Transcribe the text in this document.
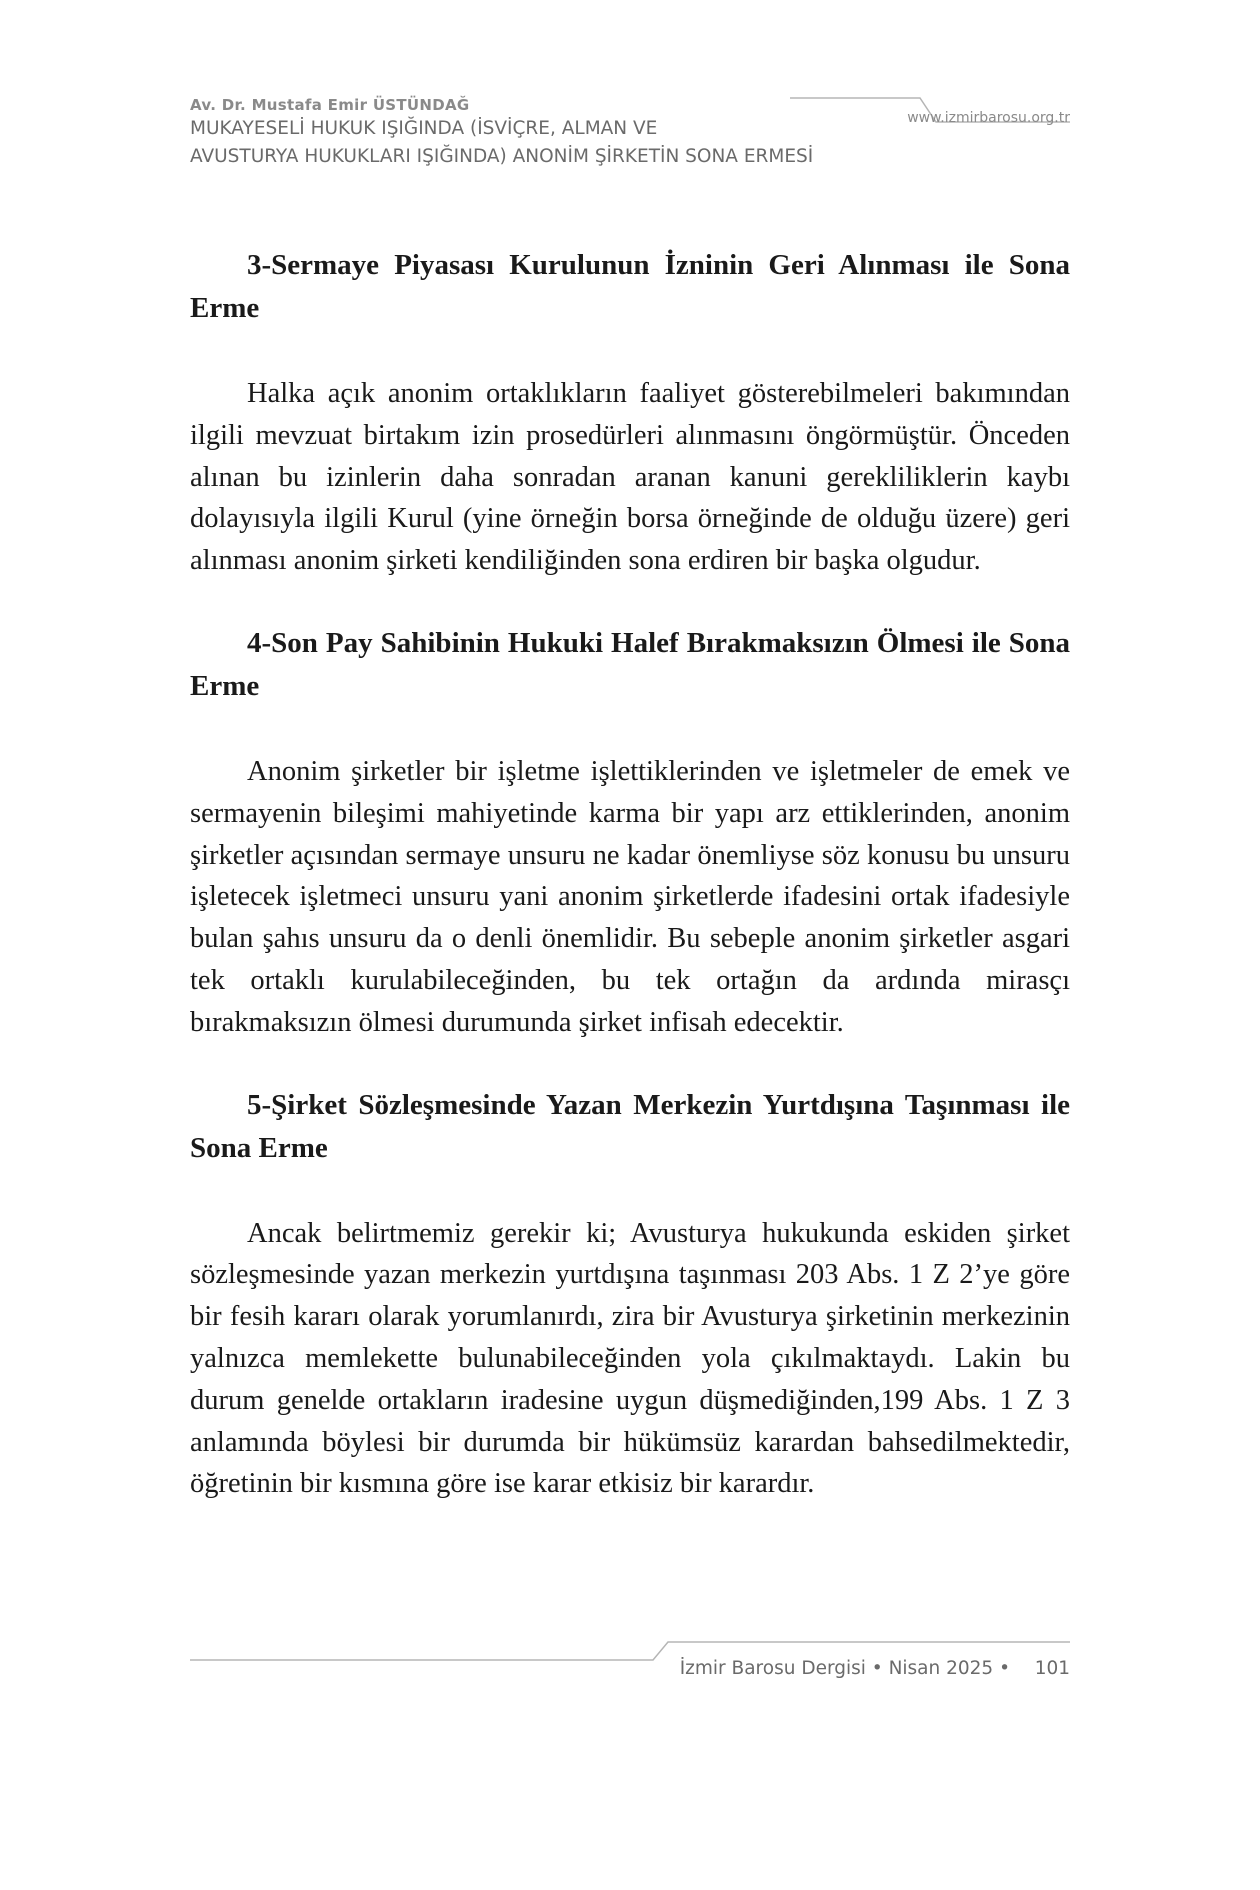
Av. Dr. Mustafa Emir ÜSTÜNDAĞ
MUKAYESELİ HUKUK IŞIĞINDA (İSVİÇRE, ALMAN VE
AVUSTURYA HUKUKLARI IŞIĞINDA) ANONİM ŞİRKETİN SONA ERMESİ
www.izmirbarosu.org.tr
3-Sermaye Piyasası Kurulunun İzninin Geri Alınması ile Sona Erme

Halka açık anonim ortaklıkların faaliyet gösterebilmeleri bakımından ilgili mevzuat birtakım izin prosedürleri alınmasını öngörmüştür. Önceden alınan bu izinlerin daha sonradan aranan kanuni gerekliliklerin kaybı dolayısıyla ilgili Kurul (yine örneğin borsa örneğinde de olduğu üzere) geri alınması anonim şirketi kendiliğinden sona erdiren bir başka olgudur.

4-Son Pay Sahibinin Hukuki Halef Bırakmaksızın Ölmesi ile Sona Erme

Anonim şirketler bir işletme işlettiklerinden ve işletmeler de emek ve sermayenin bileşimi mahiyetinde karma bir yapı arz ettiklerinden, anonim şirketler açısından sermaye unsuru ne kadar önemliyse söz konusu bu unsuru işletecek işletmeci unsuru yani anonim şirketlerde ifadesini ortak ifadesiyle bulan şahıs unsuru da o denli önemlidir. Bu sebeple anonim şirketler asgari tek ortaklı kurulabileceğinden, bu tek ortağın da ardında mirasçı bırakmaksızın ölmesi durumunda şirket infisah edecektir.

5-Şirket Sözleşmesinde Yazan Merkezin Yurtdışına Taşınması ile Sona Erme

Ancak belirtmemiz gerekir ki; Avusturya hukukunda eskiden şirket sözleşmesinde yazan merkezin yurtdışına taşınması 203 Abs. 1 Z 2’ye göre bir fesih kararı olarak yorumlanırdı, zira bir Avusturya şirketinin merkezinin yalnızca memlekette bulunabileceğinden yola çıkılmaktaydı. Lakin bu durum genelde ortakların iradesine uygun düşmediğinden,199 Abs. 1 Z 3 anlamında böylesi bir durumda bir hükümsüz karardan bahsedilmektedir, öğretinin bir kısmına göre ise karar etkisiz bir karardır.

İzmir Barosu Dergisi • Nisan 2025 • 101
